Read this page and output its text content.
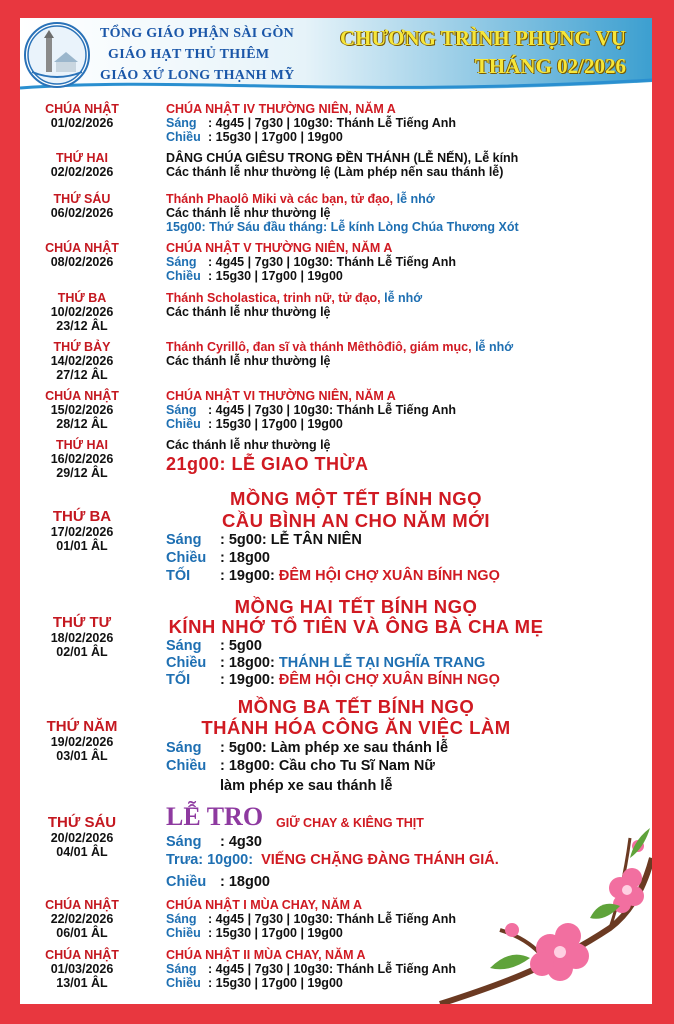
TỔNG GIÁO PHẬN SÀI GÒN
GIÁO HẠT THỦ THIÊM
GIÁO XỨ LONG THẠNH MỸ
CHƯƠNG TRÌNH PHỤNG VỤ
THÁNG 02/2026
CHÚA NHẬT
01/02/2026
CHÚA NHẬT IV THƯỜNG NIÊN, NĂM A
Sáng : 4g45 | 7g30 | 10g30: Thánh Lễ Tiếng Anh
Chiều : 15g30 | 17g00 | 19g00
THỨ HAI
02/02/2026
DÂNG CHÚA GIÊSU TRONG ĐỀN THÁNH (LỄ NẾN), Lễ kính
Các thánh lễ như thường lệ (Làm phép nến sau thánh lễ)
THỨ SÁU
06/02/2026
Thánh Phaolô Miki và các bạn, tử đạo, lễ nhớ
Các thánh lễ như thường lệ
15g00: Thứ Sáu đầu tháng: Lễ kính Lòng Chúa Thương Xót
CHÚA NHẬT
08/02/2026
CHÚA NHẬT V THƯỜNG NIÊN, NĂM A
Sáng : 4g45 | 7g30 | 10g30: Thánh Lễ Tiếng Anh
Chiều : 15g30 | 17g00 | 19g00
THỨ BA
10/02/2026
23/12 ÂL
Thánh Scholastica, trinh nữ, tử đạo, lễ nhớ
Các thánh lễ như thường lệ
THỨ BẢY
14/02/2026
27/12 ÂL
Thánh Cyrillô, đan sĩ và thánh Mêthôđiô, giám mục, lễ nhớ
Các thánh lễ như thường lệ
CHÚA NHẬT
15/02/2026
28/12 ÂL
CHÚA NHẬT VI THƯỜNG NIÊN, NĂM A
Sáng : 4g45 | 7g30 | 10g30: Thánh Lễ Tiếng Anh
Chiều : 15g30 | 17g00 | 19g00
THỨ HAI
16/02/2026
29/12 ÂL
Các thánh lễ như thường lệ
21g00: LỄ GIAO THỪA
THỨ BA
17/02/2026
01/01 ÂL
MỒNG MỘT TẾT BÍNH NGỌ
CẦU BÌNH AN CHO NĂM MỚI
Sáng : 5g00: LỄ TÂN NIÊN
Chiều : 18g00
TỐI : 19g00: ĐÊM HỘI CHỢ XUÂN BÍNH NGỌ
THỨ TƯ
18/02/2026
02/01 ÂL
MỒNG HAI TẾT BÍNH NGỌ
KÍNH NHỚ TỔ TIÊN VÀ ÔNG BÀ CHA MẸ
Sáng : 5g00
Chiều : 18g00: THÁNH LỄ TẠI NGHĨA TRANG
TỐI : 19g00: ĐÊM HỘI CHỢ XUÂN BÍNH NGỌ
THỨ NĂM
19/02/2026
03/01 ÂL
MỒNG BA TẾT BÍNH NGỌ
THÁNH HÓA CÔNG ĂN VIỆC LÀM
Sáng : 5g00: Làm phép xe sau thánh lễ
Chiều : 18g00: Cầu cho Tu Sĩ Nam Nữ
làm phép xe sau thánh lễ
THỨ SÁU
20/02/2026
04/01 ÂL
LỄ TRO GIỮ CHAY & KIÊNG THỊT
Sáng : 4g30
Trưa: 10g00: VIẾNG CHẶNG ĐÀNG THÁNH GIÁ.
Chiều : 18g00
CHÚA NHẬT
22/02/2026
06/01 ÂL
CHÚA NHẬT I MÙA CHAY, NĂM A
Sáng : 4g45 | 7g30 | 10g30: Thánh Lễ Tiếng Anh
Chiều : 15g30 | 17g00 | 19g00
CHÚA NHẬT
01/03/2026
13/01 ÂL
CHÚA NHẬT II MÙA CHAY, NĂM A
Sáng : 4g45 | 7g30 | 10g30: Thánh Lễ Tiếng Anh
Chiều : 15g30 | 17g00 | 19g00
